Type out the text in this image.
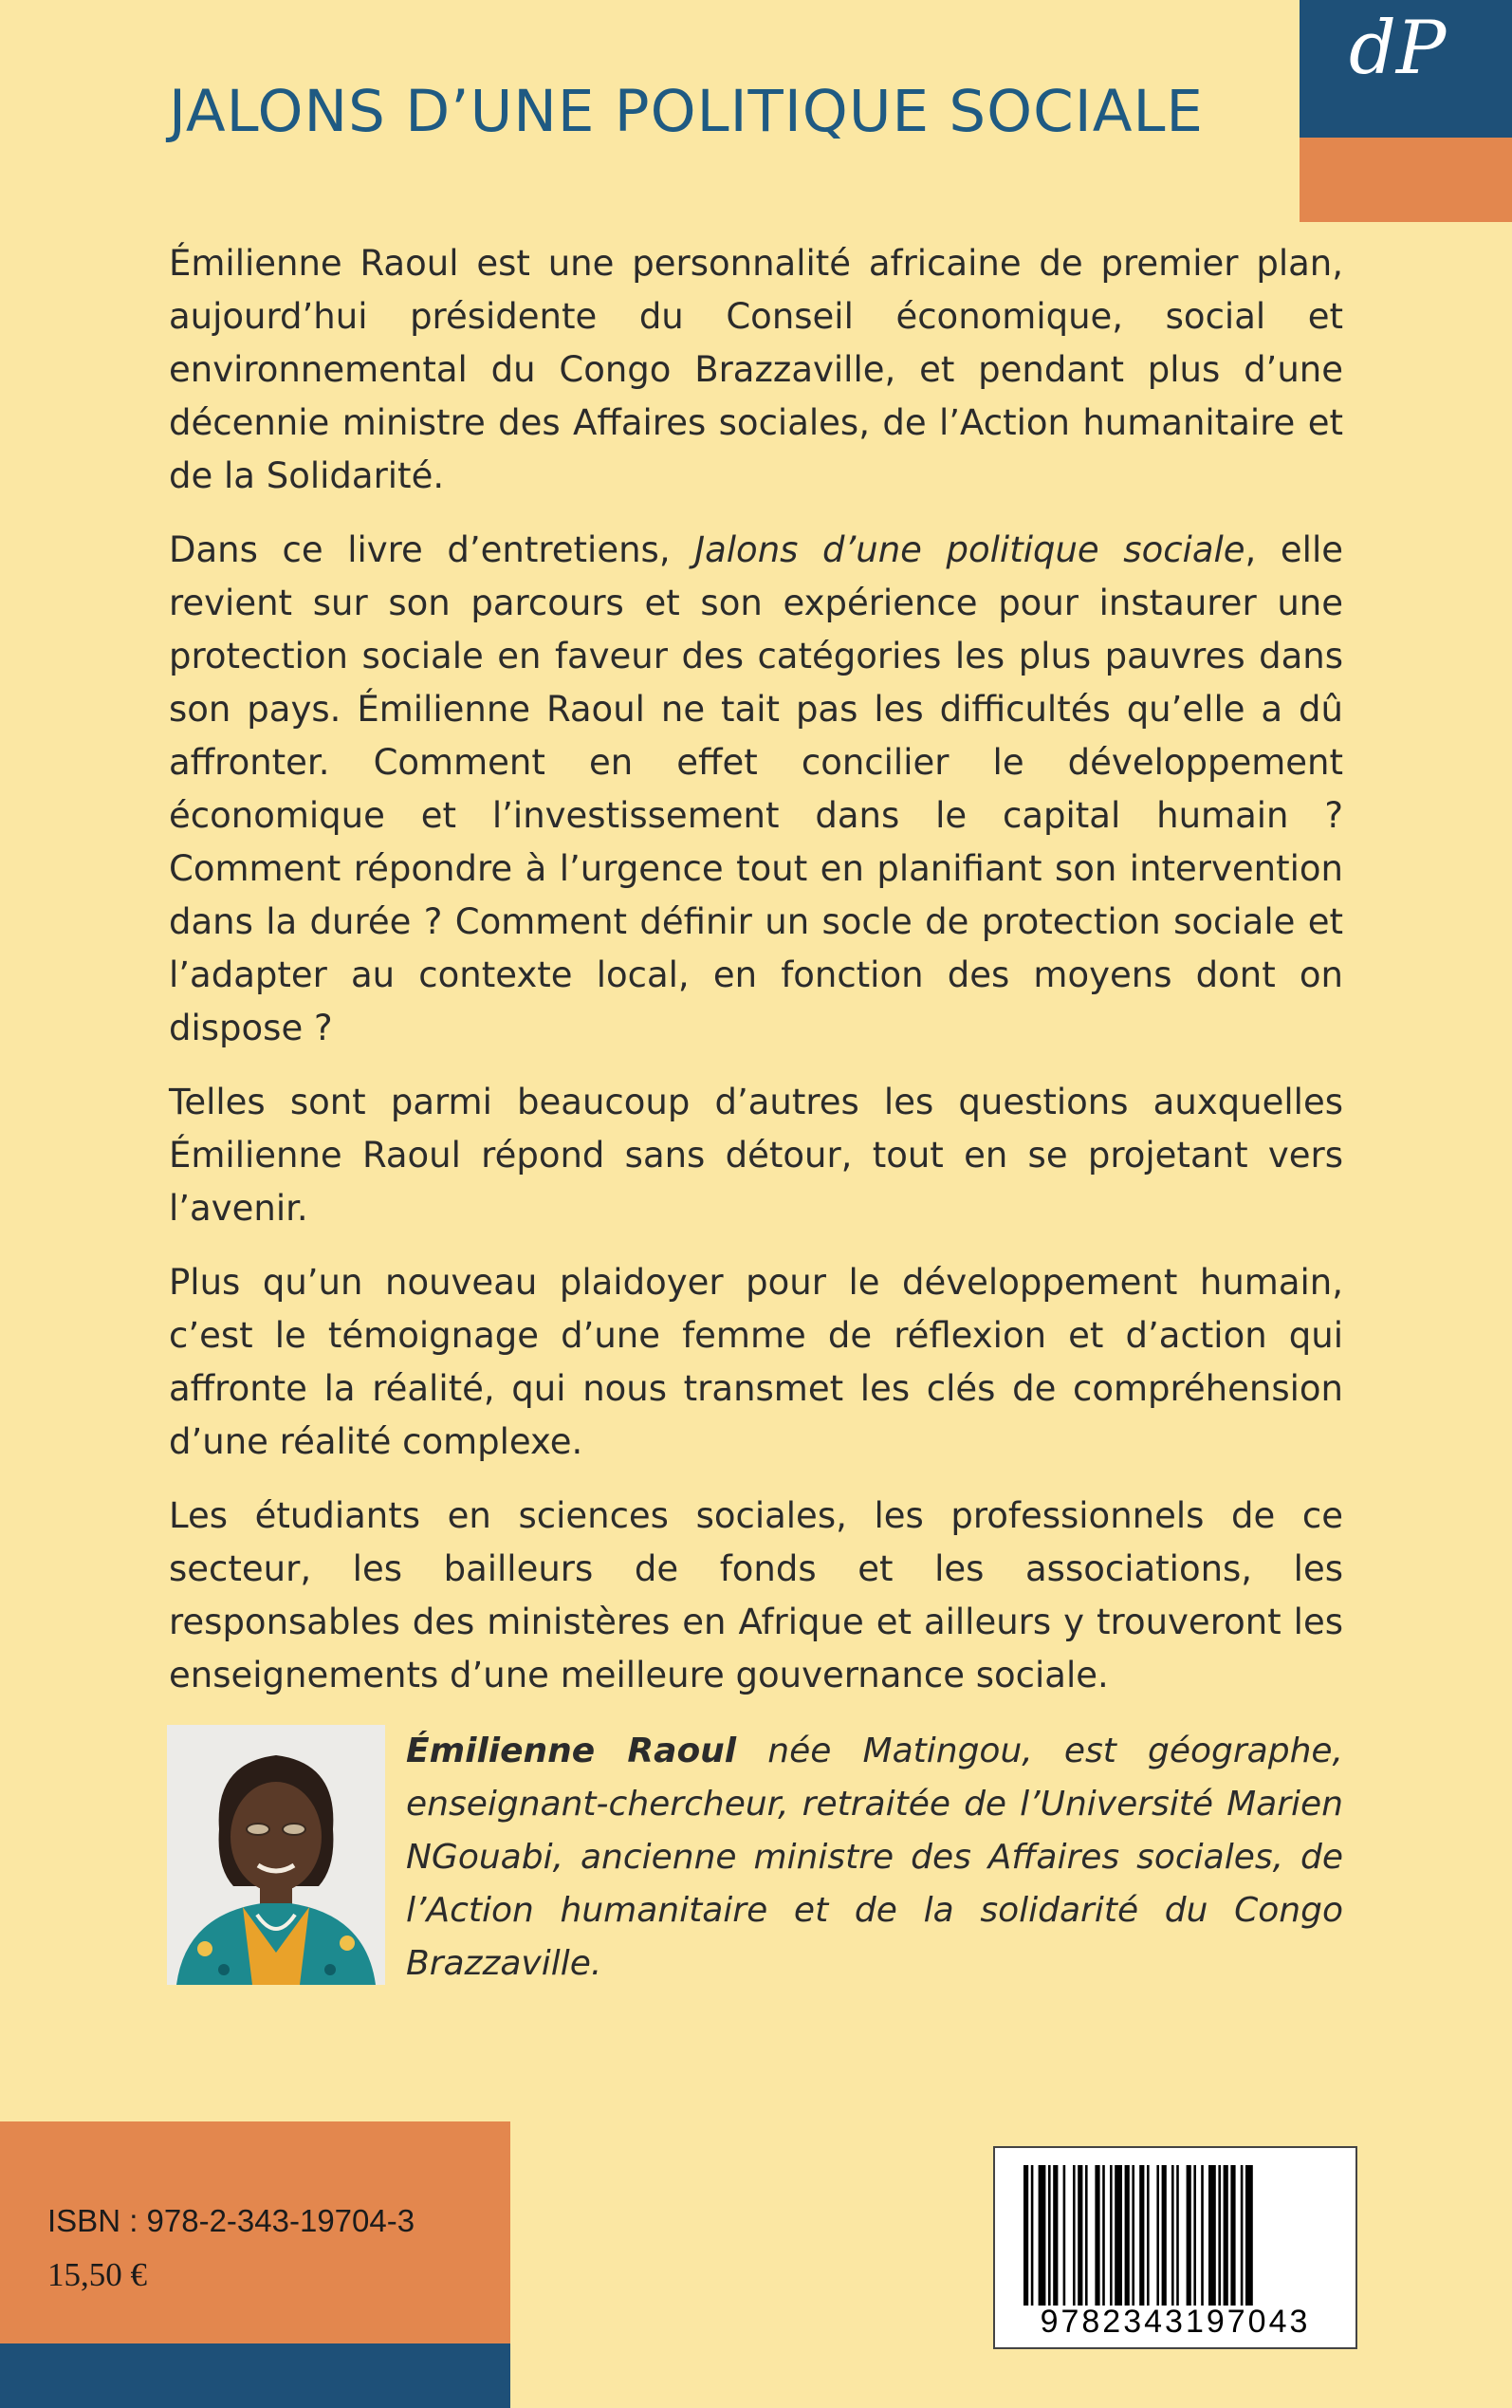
JALONS D’UNE POLITIQUE SOCIALE
dP

Émilienne Raoul est une personnalité africaine de premier plan, aujourd’hui présidente du Conseil économique, social et environnemental du Congo Brazzaville, et pendant plus d’une décennie ministre des Affaires sociales, de l’Action humanitaire et de la Solidarité.

Dans ce livre d’entretiens, Jalons d’une politique sociale, elle revient sur son parcours et son expérience pour instaurer une protection sociale en faveur des catégories les plus pauvres dans son pays. Émilienne Raoul ne tait pas les difficultés qu’elle a dû affronter. Comment en effet concilier le développement économique et l’investissement dans le capital humain ? Comment répondre à l’urgence tout en planifiant son intervention dans la durée ? Comment définir un socle de protection sociale et l’adapter au contexte local, en fonction des moyens dont on dispose ?

Telles sont parmi beaucoup d’autres les questions auxquelles Émilienne Raoul répond sans détour, tout en se projetant vers l’avenir.

Plus qu’un nouveau plaidoyer pour le développement humain, c’est le témoignage d’une femme de réflexion et d’action qui affronte la réalité, qui nous transmet les clés de compréhension d’une réalité complexe.

Les étudiants en sciences sociales, les professionnels de ce secteur, les bailleurs de fonds et les associations, les responsables des ministères en Afrique et ailleurs y trouveront les enseignements d’une meilleure gouvernance sociale.

Émilienne Raoul née Matingou, est géographe, enseignant-chercheur, retraitée de l’Université Marien NGouabi, ancienne ministre des Affaires sociales, de l’Action humanitaire et de la solidarité du Congo Brazzaville.

ISBN : 978-2-343-19704-3
15,50 €
9782343197043
